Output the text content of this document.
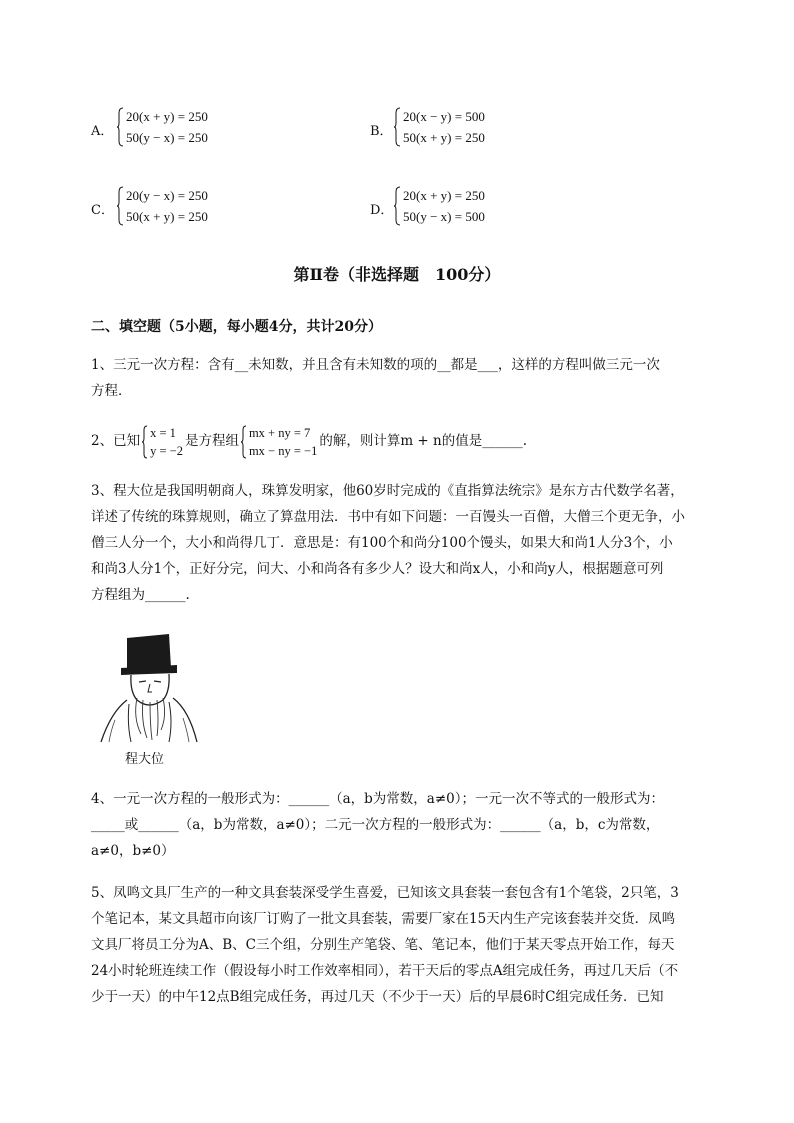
A．
20(x + y) = 250
50(y − x) = 250	B．
20(x − y) = 500
50(x + y) = 250
C．
20(y − x) = 250
50(x + y) = 250	D．
20(x + y) = 250
50(y − x) = 500
第Ⅱ卷（非选择题　100分）
二、填空题（5小题，每小题4分，共计20分）
1、三元一次方程：含有__未知数，并且含有未知数的项的__都是___，这样的方程叫做三元一次
方程．
2、已知
x = 1
y = −2
是方程组
mx + ny = 7
mx − ny = −1
的解，则计算m + n的值是______.
3、程大位是我国明朝商人，珠算发明家，他60岁时完成的《直指算法统宗》是东方古代数学名著，
详述了传统的珠算规则，确立了算盘用法．书中有如下问题：一百馒头一百僧，大僧三个更无争，小
僧三人分一个，大小和尚得几丁．意思是：有100个和尚分100个馒头，如果大和尚1人分3个，小
和尚3人分1个，正好分完，问大、小和尚各有多少人？设大和尚x人，小和尚y人，根据题意可列
方程组为______.
程大位
4、一元一次方程的一般形式为：______（a，b为常数，a≠0）；一元一次不等式的一般形式为：
_____或______（a，b为常数，a≠0）；二元一次方程的一般形式为：______（a，b，c为常数，
a≠0，b≠0）
5、凤鸣文具厂生产的一种文具套装深受学生喜爱，已知该文具套装一套包含有1个笔袋，2只笔，3
个笔记本，某文具超市向该厂订购了一批文具套装，需要厂家在15天内生产完该套装并交货．凤鸣
文具厂将员工分为A、B、C三个组，分别生产笔袋、笔、笔记本，他们于某天零点开始工作，每天
24小时轮班连续工作（假设每小时工作效率相同），若干天后的零点A组完成任务，再过几天后（不
少于一天）的中午12点B组完成任务，再过几天（不少于一天）后的早晨6时C组完成任务．已知
